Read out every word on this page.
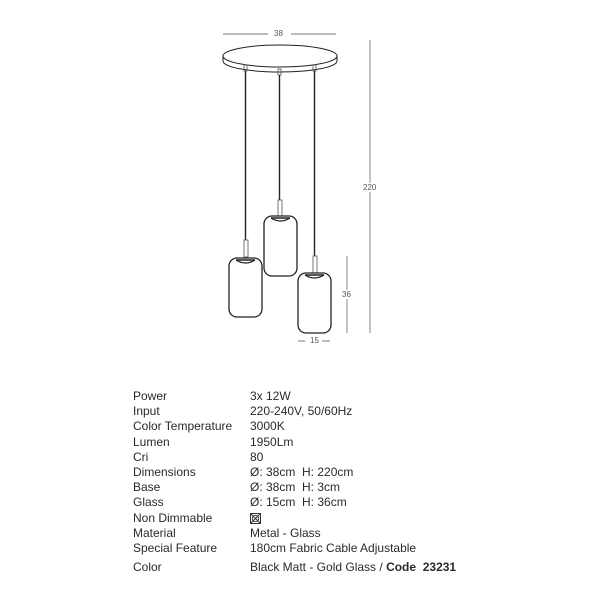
38
220
36
15
Power	3x 12W
Input	220-240V, 50/60Hz
Color Temperature	3000K
Lumen	1950Lm
Cri	80
Dimensions	Ø: 38cm  H: 220cm
Base	Ø: 38cm  H: 3cm
Glass	Ø: 15cm  H: 36cm
Non Dimmable
Material	Metal - Glass
Special Feature	180cm Fabric Cable Adjustable
Color	Black Matt - Gold Glass / Code  23231
